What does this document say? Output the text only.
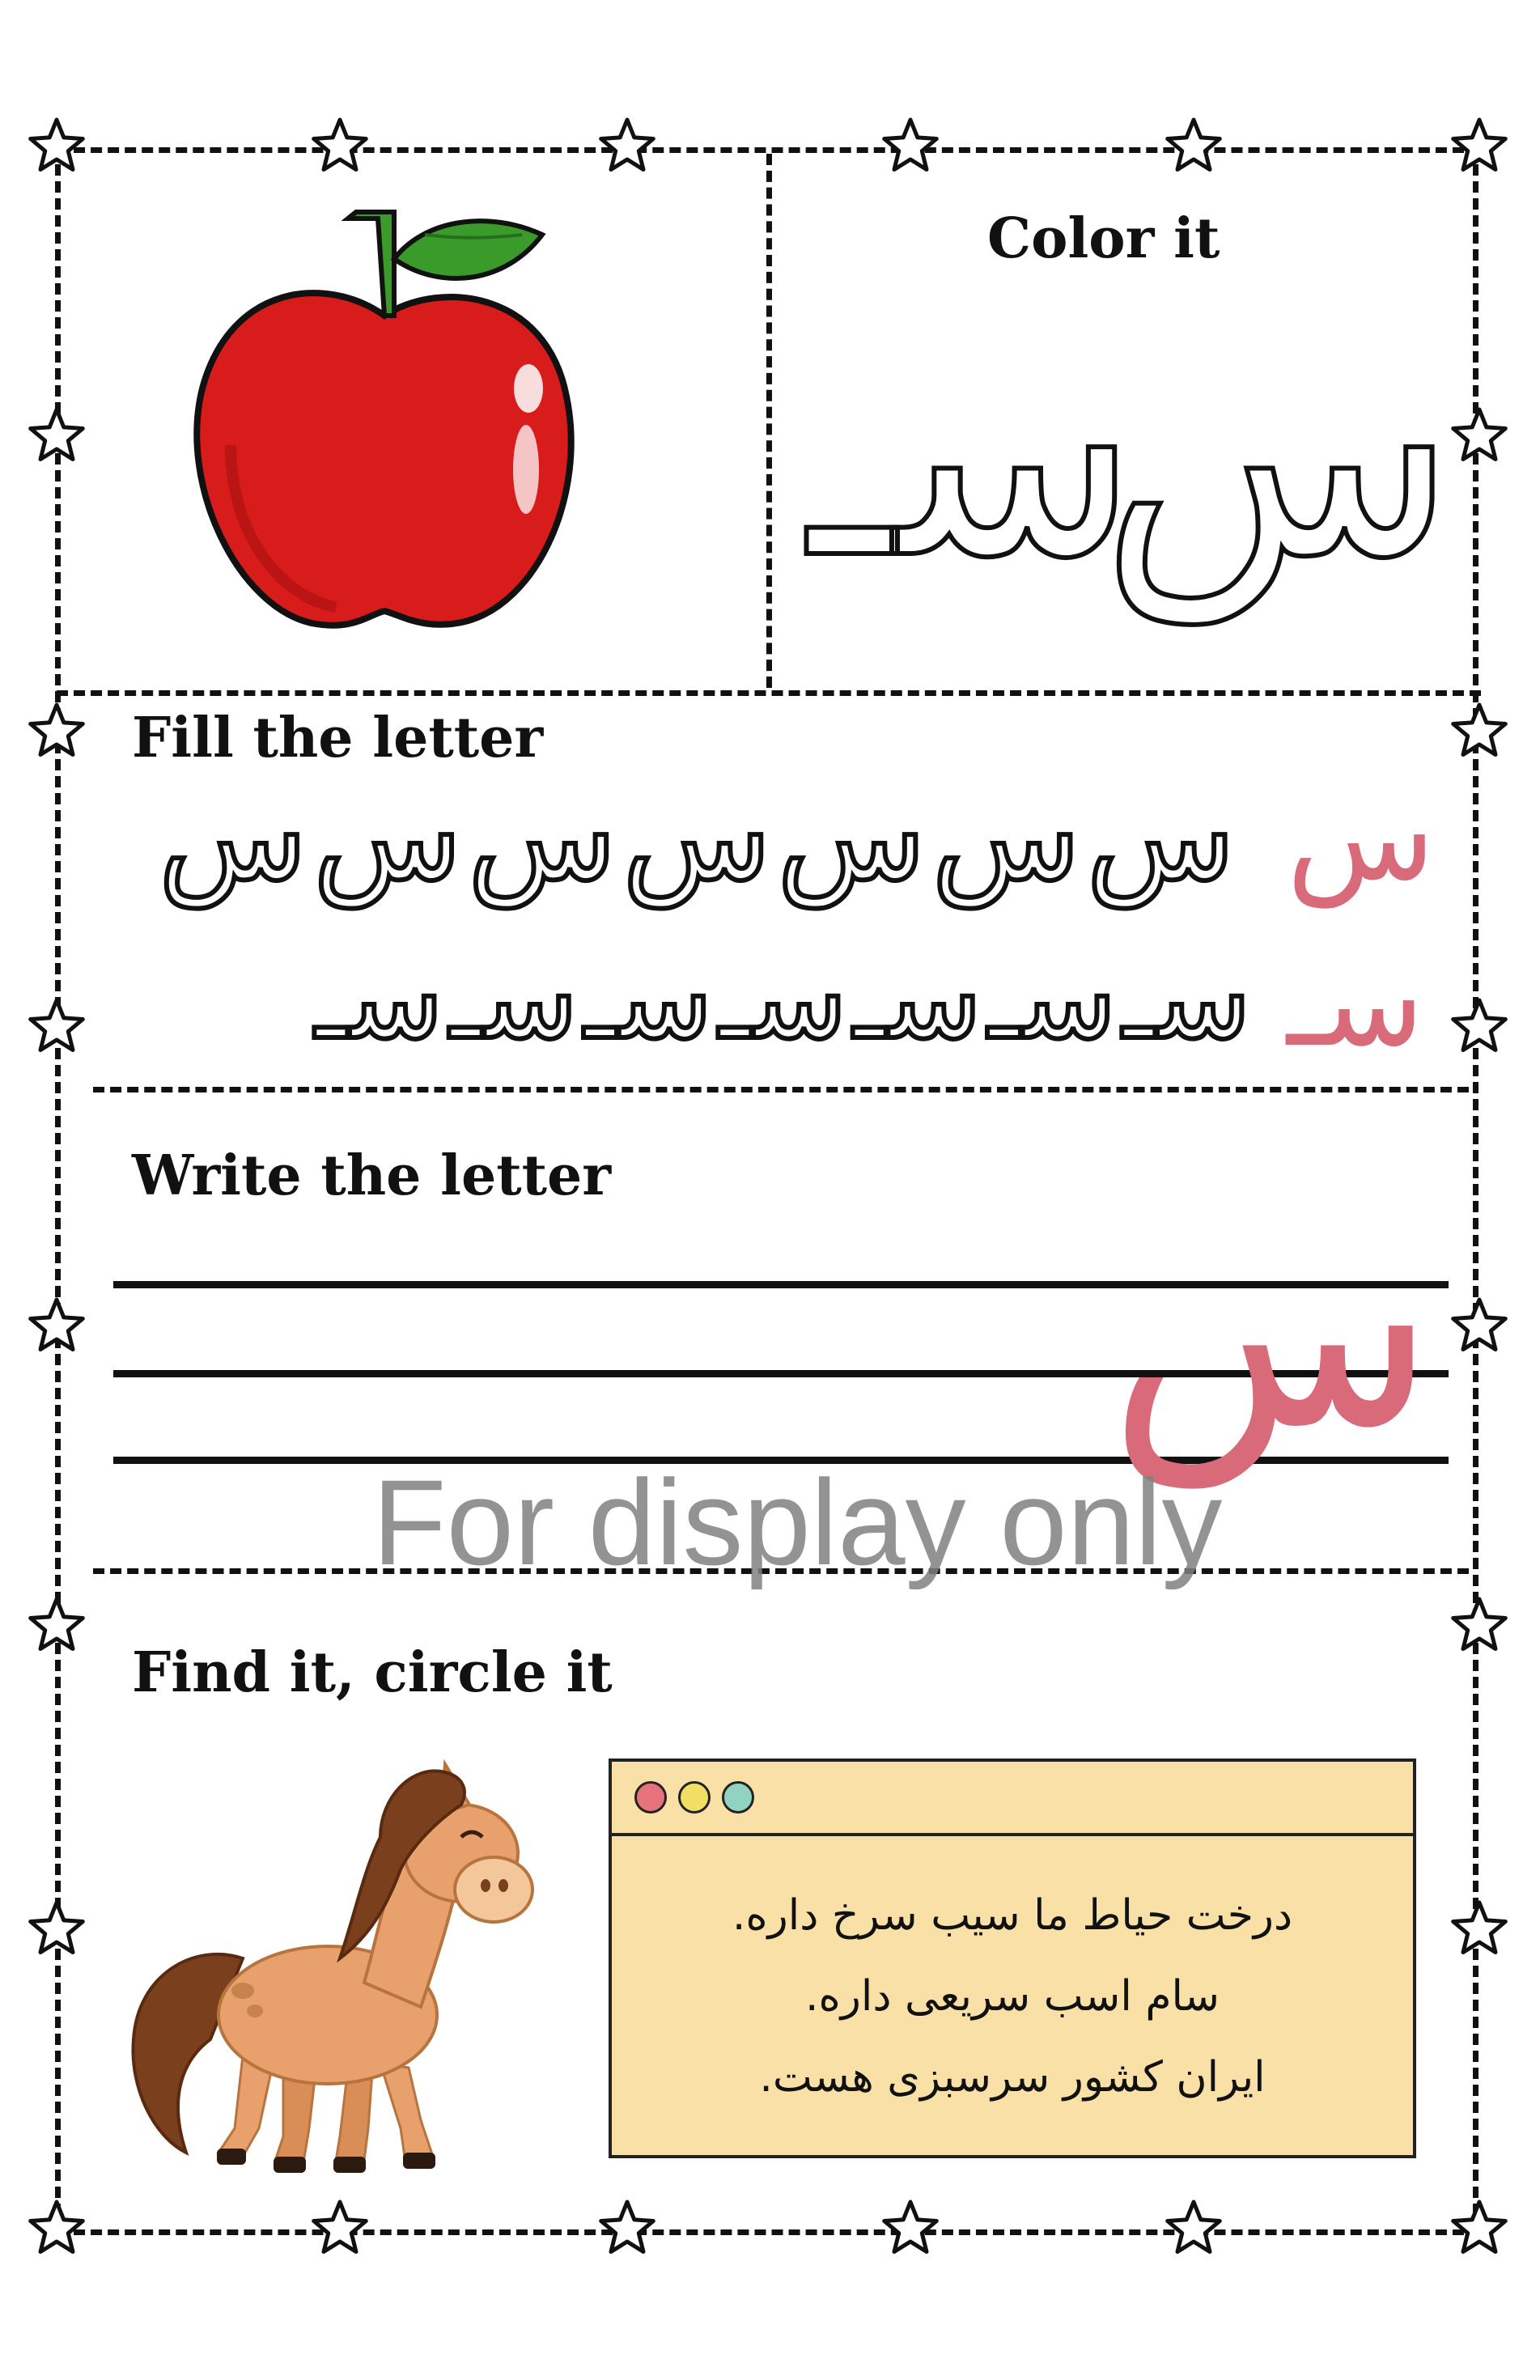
Color it
س
سـ
Fill the letter
س
سـ
سسسسسسس
سـسـسـسـسـسـسـ
Write the letter س
For display only
Find it, circle it
درخت حیاط ما سیب سرخ داره.
سام اسب سریعی داره.
ایران کشور سرسبزی هست.
